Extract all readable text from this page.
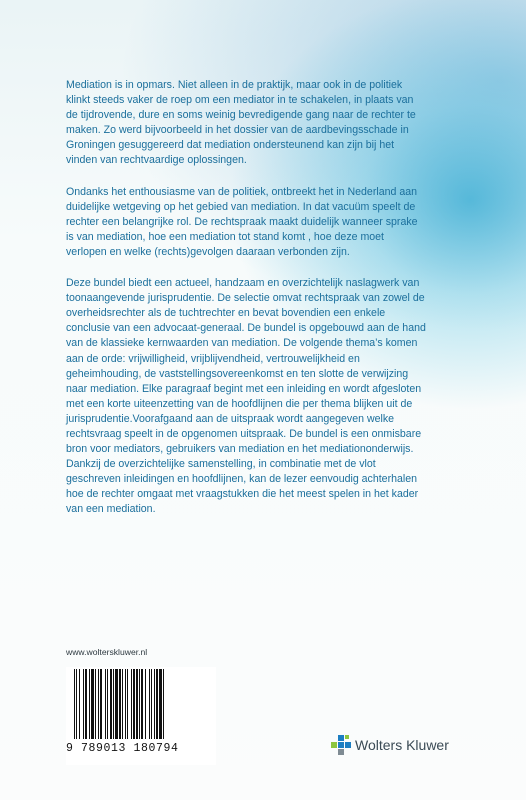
Mediation is in opmars. Niet alleen in de praktijk, maar ook in de politiek klinkt steeds vaker de roep om een mediator in te schakelen, in plaats van de tijdrovende, dure en soms weinig bevredigende gang naar de rechter te maken. Zo werd bijvoorbeeld in het dossier van de aardbevingsschade in Groningen gesuggereerd dat mediation ondersteunend kan zijn bij het vinden van rechtvaardige oplossingen.

Ondanks het enthousiasme van de politiek, ontbreekt het in Nederland aan duidelijke wetgeving op het gebied van mediation. In dat vacuüm speelt de rechter een belangrijke rol. De rechtspraak maakt duidelijk wanneer sprake is van mediation, hoe een mediation tot stand komt , hoe deze moet verlopen en welke (rechts)gevolgen daaraan verbonden zijn.

Deze bundel biedt een actueel, handzaam en overzichtelijk naslagwerk van toonaangevende jurisprudentie. De selectie omvat rechtspraak van zowel de overheidsrechter als de tuchtrechter en bevat bovendien een enkele conclusie van een advocaat-generaal. De bundel is opgebouwd aan de hand van de klassieke kernwaarden van mediation. De volgende thema’s komen aan de orde: vrijwilligheid, vrijblijvendheid, vertrouwelijkheid en geheimhouding, de vaststellingsovereenkomst en ten slotte de verwijzing naar mediation. Elke paragraaf begint met een inleiding en wordt afgesloten met een korte uiteenzetting van de hoofdlijnen die per thema blijken uit de jurisprudentie.Voorafgaand aan de uitspraak wordt aangegeven welke rechtsvraag speelt in de opgenomen uitspraak. De bundel is een onmisbare bron voor mediators, gebruikers van mediation en het mediationonderwijs. Dankzij de overzichtelijke samenstelling, in combinatie met de vlot geschreven inleidingen en hoofdlijnen, kan de lezer eenvoudig achterhalen hoe de rechter omgaat met vraagstukken die het meest spelen in het kader van een mediation.

www.wolterskluwer.nl
9 789013 180794	Wolters Kluwer
